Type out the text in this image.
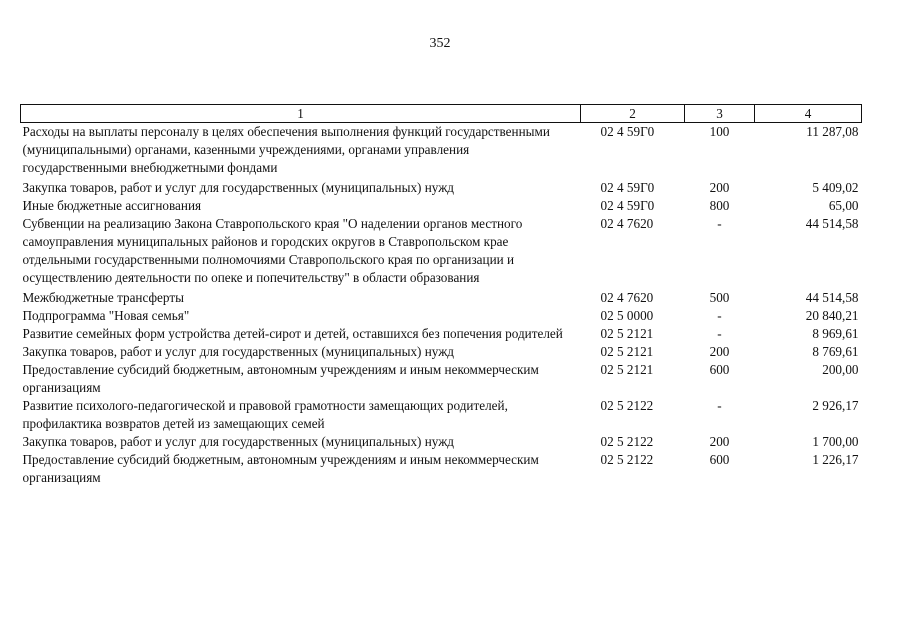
352
1	2	3	4
Расходы на выплаты персоналу в целях обеспечения выполнения функций государственными (муниципальными) органами, казенными учреждениями, органами управления государственными внебюджетными фондами	02 4 59Г0	100	11 287,08
Закупка товаров, работ и услуг для государственных (муниципальных) нужд	02 4 59Г0	200	5 409,02
Иные бюджетные ассигнования	02 4 59Г0	800	65,00
Субвенции на реализацию Закона Ставропольского края "О наделении органов местного самоуправления муниципальных районов и городских округов в Ставропольском крае отдельными государственными полномочиями Ставропольского края по организации и осуществлению деятельности по опеке и попечительству" в области образования	02 4 7620	-	44 514,58
Межбюджетные трансферты	02 4 7620	500	44 514,58
Подпрограмма "Новая семья"	02 5 0000	-	20 840,21
Развитие семейных форм устройства детей-сирот и детей, оставшихся без попечения родителей	02 5 2121	-	8 969,61
Закупка товаров, работ и услуг для государственных (муниципальных) нужд	02 5 2121	200	8 769,61
Предоставление субсидий бюджетным, автономным учреждениям и иным некоммерческим организациям	02 5 2121	600	200,00
Развитие психолого-педагогической и правовой грамотности замещающих родителей, профилактика возвратов детей из замещающих семей	02 5 2122	-	2 926,17
Закупка товаров, работ и услуг для государственных (муниципальных) нужд	02 5 2122	200	1 700,00
Предоставление субсидий бюджетным, автономным учреждениям и иным некоммерческим организациям	02 5 2122	600	1 226,17
